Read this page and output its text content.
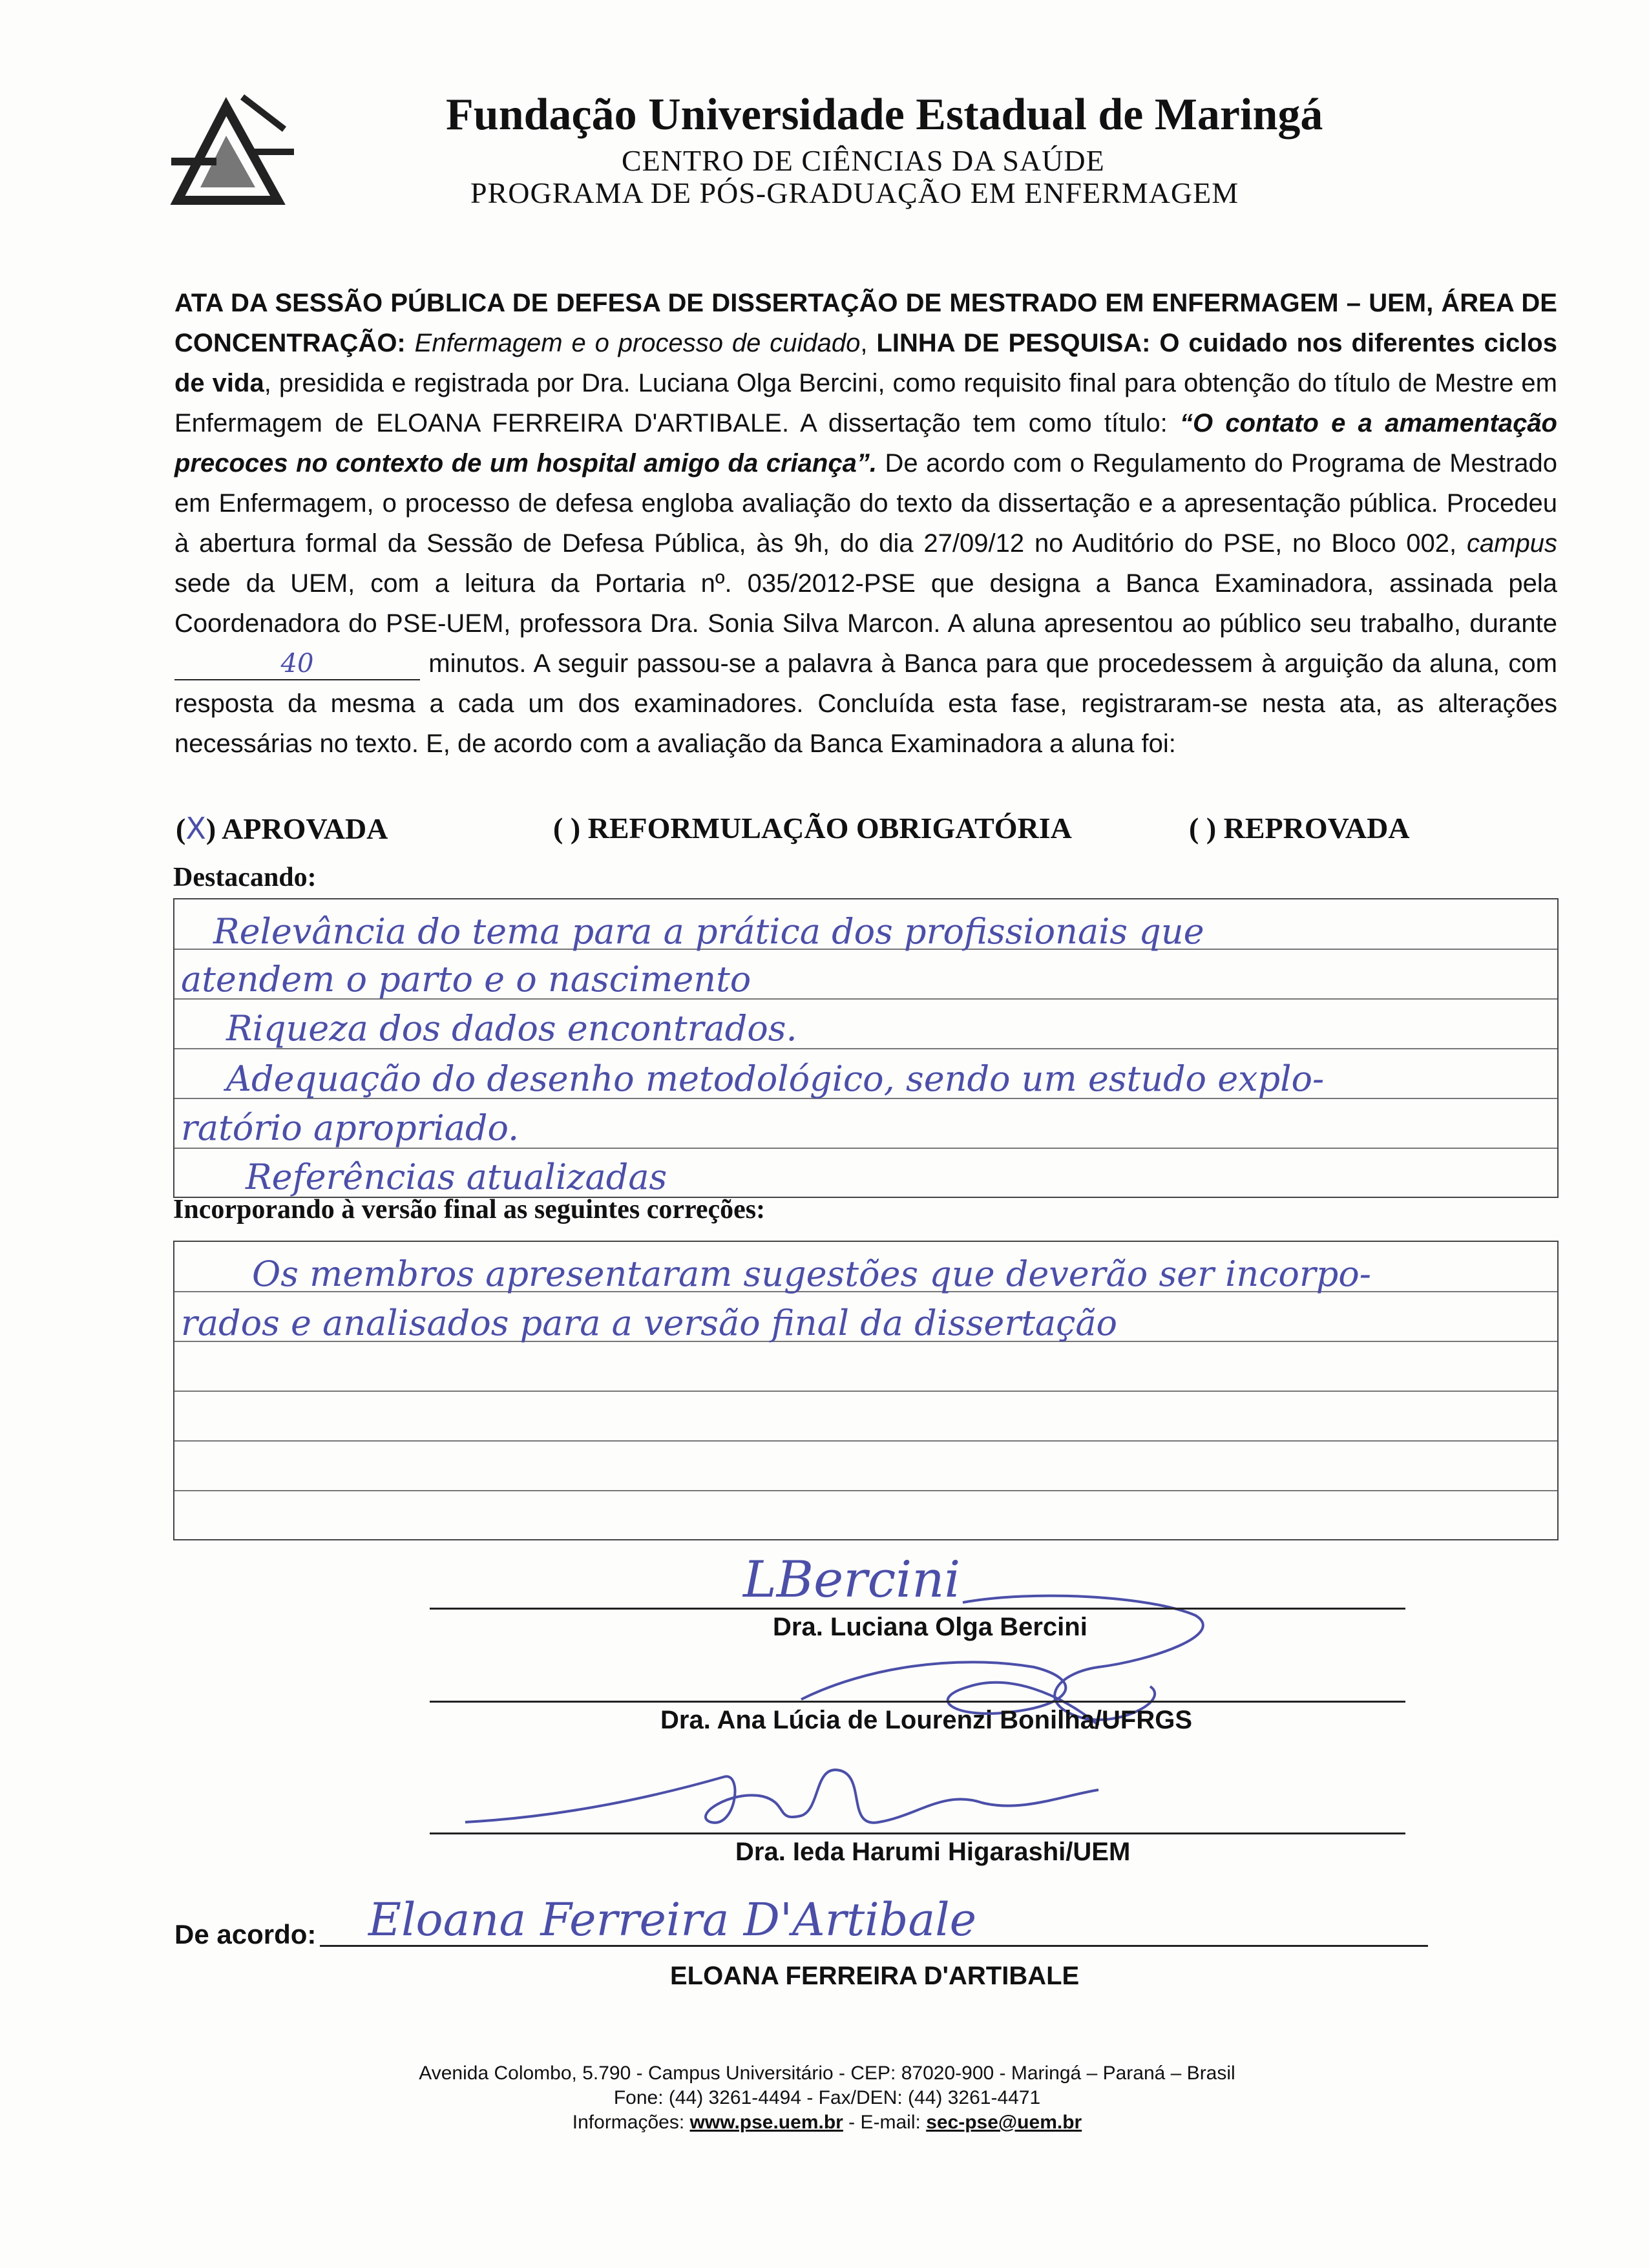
Fundação Universidade Estadual de Maringá
CENTRO DE CIÊNCIAS DA SAÚDE
PROGRAMA DE PÓS-GRADUAÇÃO EM ENFERMAGEM
ATA DA SESSÃO PÚBLICA DE DEFESA DE DISSERTAÇÃO DE MESTRADO EM ENFERMAGEM – UEM, ÁREA DE CONCENTRAÇÃO: Enfermagem e o processo de cuidado, LINHA DE PESQUISA: O cuidado nos diferentes ciclos de vida, presidida e registrada por Dra. Luciana Olga Bercini, como requisito final para obtenção do título de Mestre em Enfermagem de ELOANA FERREIRA D'ARTIBALE. A dissertação tem como título: “O contato e a amamentação precoces no contexto de um hospital amigo da criança”. De acordo com o Regulamento do Programa de Mestrado em Enfermagem, o processo de defesa engloba avaliação do texto da dissertação e a apresentação pública. Procedeu à abertura formal da Sessão de Defesa Pública, às 9h, do dia 27/09/12 no Auditório do PSE, no Bloco 002, campus sede da UEM, com a leitura da Portaria nº. 035/2012-PSE que designa a Banca Examinadora, assinada pela Coordenadora do PSE-UEM, professora Dra. Sonia Silva Marcon. A aluna apresentou ao público seu trabalho, durante 40	minutos. A seguir passou-se a palavra à Banca para que procedessem à arguição da aluna, com resposta da mesma a cada um dos examinadores. Concluída esta fase, registraram-se nesta ata, as alterações necessárias no texto. E, de acordo com a avaliação da Banca Examinadora a aluna foi:
(X) APROVADA	( ) REFORMULAÇÃO OBRIGATÓRIA	( ) REPROVADA
Destacando:
Relevância do tema para a prática dos profissionais que
atendem o parto e o nascimento
Riqueza dos dados encontrados.
Adequação do desenho metodológico, sendo um estudo explo-
ratório apropriado.
Referências atualizadas
Incorporando à versão final as seguintes correções:
Os membros apresentaram sugestões que deverão ser incorpo-
rados e analisados para a versão final da dissertação
LBercini
Dra. Luciana Olga Bercini
Dra. Ana Lúcia de Lourenzi Bonilha/UFRGS
Dra. Ieda Harumi Higarashi/UEM
De acordo: Eloana Ferreira D'Artibale
ELOANA FERREIRA D'ARTIBALE
Avenida Colombo, 5.790 - Campus Universitário - CEP: 87020-900 - Maringá – Paraná – Brasil
Fone: (44) 3261-4494 - Fax/DEN: (44) 3261-4471
Informações: www.pse.uem.br - E-mail: sec-pse@uem.br
